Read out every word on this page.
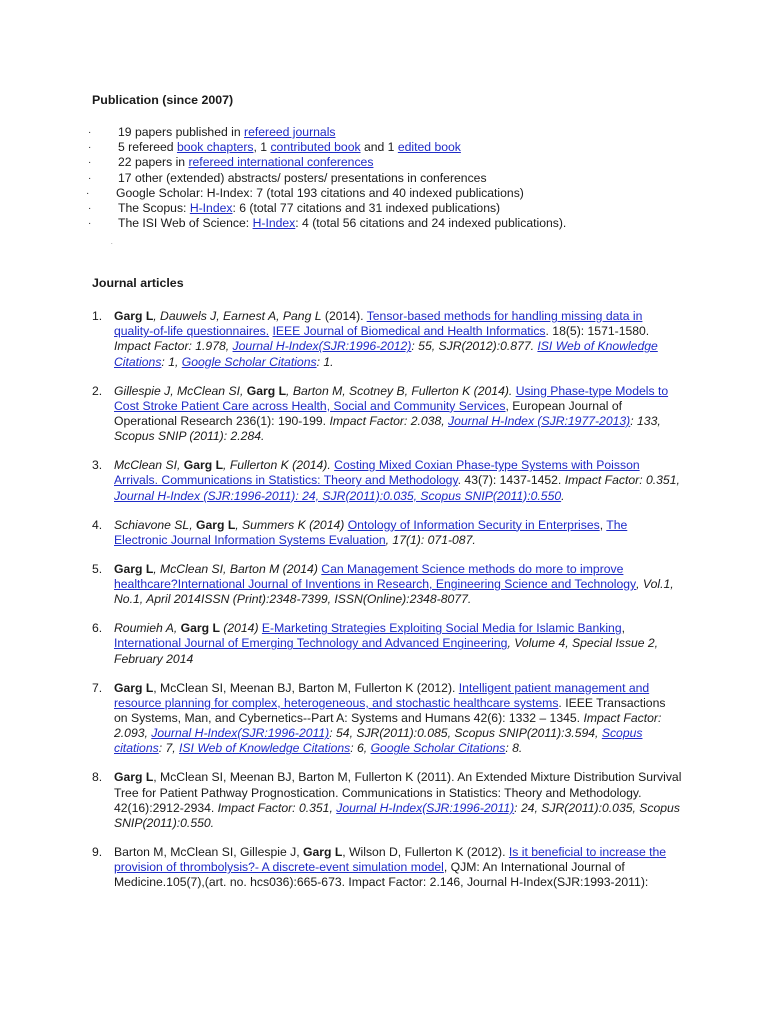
Publication (since 2007)
· 19 papers published in refereed journals
· 5 refereed book chapters, 1 contributed book and 1 edited book
· 22 papers in refereed international conferences
· 17 other (extended) abstracts/ posters/ presentations in conferences
· Google Scholar: H-Index: 7 (total 193 citations and 40 indexed publications)
· The Scopus: H-Index: 6 (total 77 citations and 31 indexed publications)
· The ISI Web of Science: H-Index: 4 (total 56 citations and 24 indexed publications).
.
Journal articles
1. Garg L, Dauwels J, Earnest A, Pang L (2014). Tensor-based methods for handling missing data in quality-of-life questionnaires. IEEE Journal of Biomedical and Health Informatics. 18(5): 1571-1580. Impact Factor: 1.978, Journal H-Index(SJR:1996-2012): 55, SJR(2012):0.877. ISI Web of Knowledge Citations: 1, Google Scholar Citations: 1.
2. Gillespie J, McClean SI, Garg L, Barton M, Scotney B, Fullerton K (2014). Using Phase-type Models to Cost Stroke Patient Care across Health, Social and Community Services, European Journal of Operational Research 236(1): 190-199. Impact Factor: 2.038, Journal H-Index (SJR:1977-2013): 133, Scopus SNIP (2011): 2.284.
3. McClean SI, Garg L, Fullerton K (2014). Costing Mixed Coxian Phase-type Systems with Poisson Arrivals. Communications in Statistics: Theory and Methodology. 43(7): 1437-1452. Impact Factor: 0.351, Journal H-Index (SJR:1996-2011): 24, SJR(2011):0.035, Scopus SNIP(2011):0.550.
4. Schiavone SL, Garg L, Summers K (2014) Ontology of Information Security in Enterprises, The Electronic Journal Information Systems Evaluation, 17(1): 071-087.
5. Garg L, McClean SI, Barton M (2014) Can Management Science methods do more to improve healthcare?International Journal of Inventions in Research, Engineering Science and Technology, Vol.1, No.1, April 2014ISSN (Print):2348-7399, ISSN(Online):2348-8077.
6. Roumieh A, Garg L (2014) E-Marketing Strategies Exploiting Social Media for Islamic Banking, International Journal of Emerging Technology and Advanced Engineering, Volume 4, Special Issue 2, February 2014
7. Garg L, McClean SI, Meenan BJ, Barton M, Fullerton K (2012). Intelligent patient management and resource planning for complex, heterogeneous, and stochastic healthcare systems. IEEE Transactions on Systems, Man, and Cybernetics--Part A: Systems and Humans 42(6): 1332 – 1345. Impact Factor: 2.093, Journal H-Index(SJR:1996-2011): 54, SJR(2011):0.085, Scopus SNIP(2011):3.594, Scopus citations: 7, ISI Web of Knowledge Citations: 6, Google Scholar Citations: 8.
8. Garg L, McClean SI, Meenan BJ, Barton M, Fullerton K (2011). An Extended Mixture Distribution Survival Tree for Patient Pathway Prognostication. Communications in Statistics: Theory and Methodology. 42(16):2912-2934. Impact Factor: 0.351, Journal H-Index(SJR:1996-2011): 24, SJR(2011):0.035, Scopus SNIP(2011):0.550.
9. Barton M, McClean SI, Gillespie J, Garg L, Wilson D, Fullerton K (2012). Is it beneficial to increase the provision of thrombolysis?- A discrete-event simulation model, QJM: An International Journal of Medicine.105(7),(art. no. hcs036):665-673. Impact Factor: 2.146, Journal H-Index(SJR:1993-2011):
